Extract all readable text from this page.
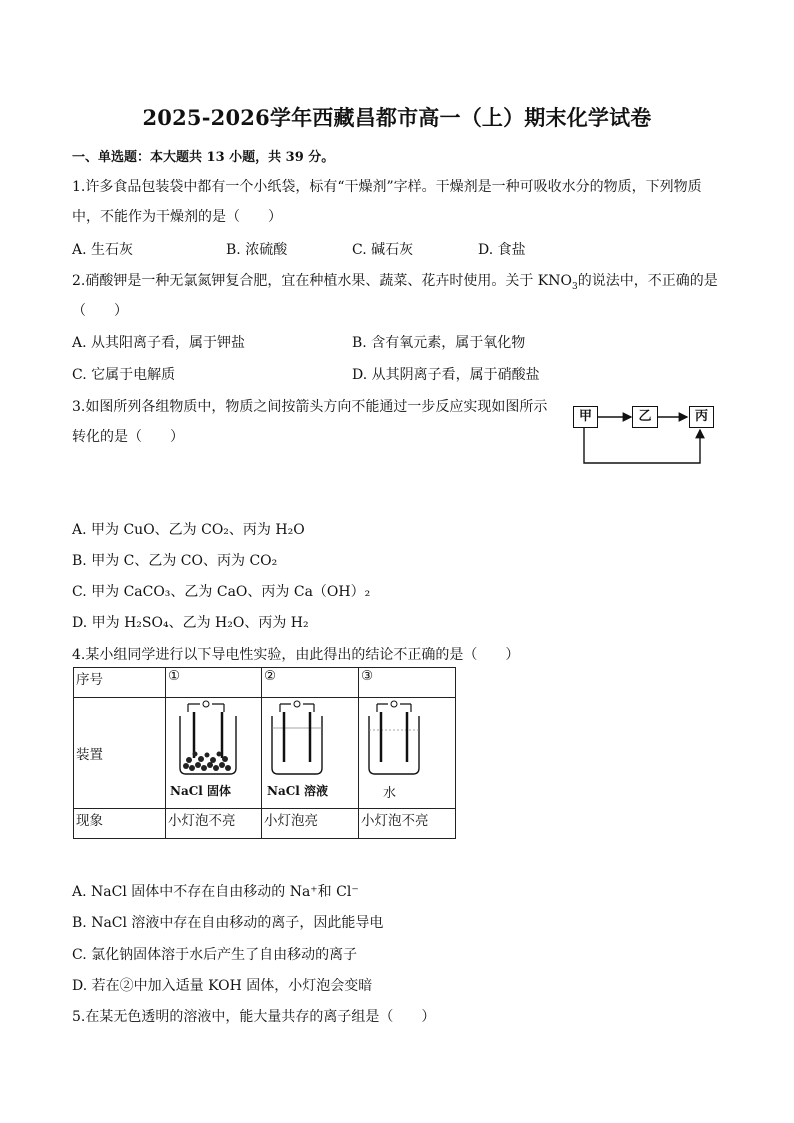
2025-2026学年西藏昌都市高一（上）期末化学试卷
一、单选题：本大题共 13 小题，共 39 分。
1.许多食品包装袋中都有一个小纸袋，标有“干燥剂”字样。干燥剂是一种可吸收水分的物质，下列物质
中，不能作为干燥剂的是（　　）
A. 生石灰	B. 浓硫酸	C. 碱石灰	D. 食盐
2.硝酸钾是一种无氯氮钾复合肥，宜在种植水果、蔬菜、花卉时使用。关于 $KNO_3$的说法中，不正确的是
（　　）
A. 从其阳离子看，属于钾盐	B. 含有氧元素，属于氧化物
C. 它属于电解质	D. 从其阴离子看，属于硝酸盐
3.如图所列各组物质中，物质之间按箭头方向不能通过一步反应实现如图所示
转化的是（　　）
甲	乙	丙
A. 甲为 CuO、乙为 CO₂、丙为 H₂O
B. 甲为 C、乙为 CO、丙为 CO₂
C. 甲为 CaCO₃、乙为 CaO、丙为 Ca（OH）₂
D. 甲为 H₂SO₄、乙为 H₂O、丙为 H₂
4.某小组同学进行以下导电性实验，由此得出的结论不正确的是（　　）
序号	①	②	③
装置	NaCl 固体	NaCl 溶液	水

现象	小灯泡不亮	小灯泡亮	小灯泡不亮
A. NaCl 固体中不存在自由移动的 Na⁺和 Cl⁻
B. NaCl 溶液中存在自由移动的离子，因此能导电
C. 氯化钠固体溶于水后产生了自由移动的离子
D. 若在②中加入适量 KOH 固体，小灯泡会变暗
5.在某无色透明的溶液中，能大量共存的离子组是（　　）
